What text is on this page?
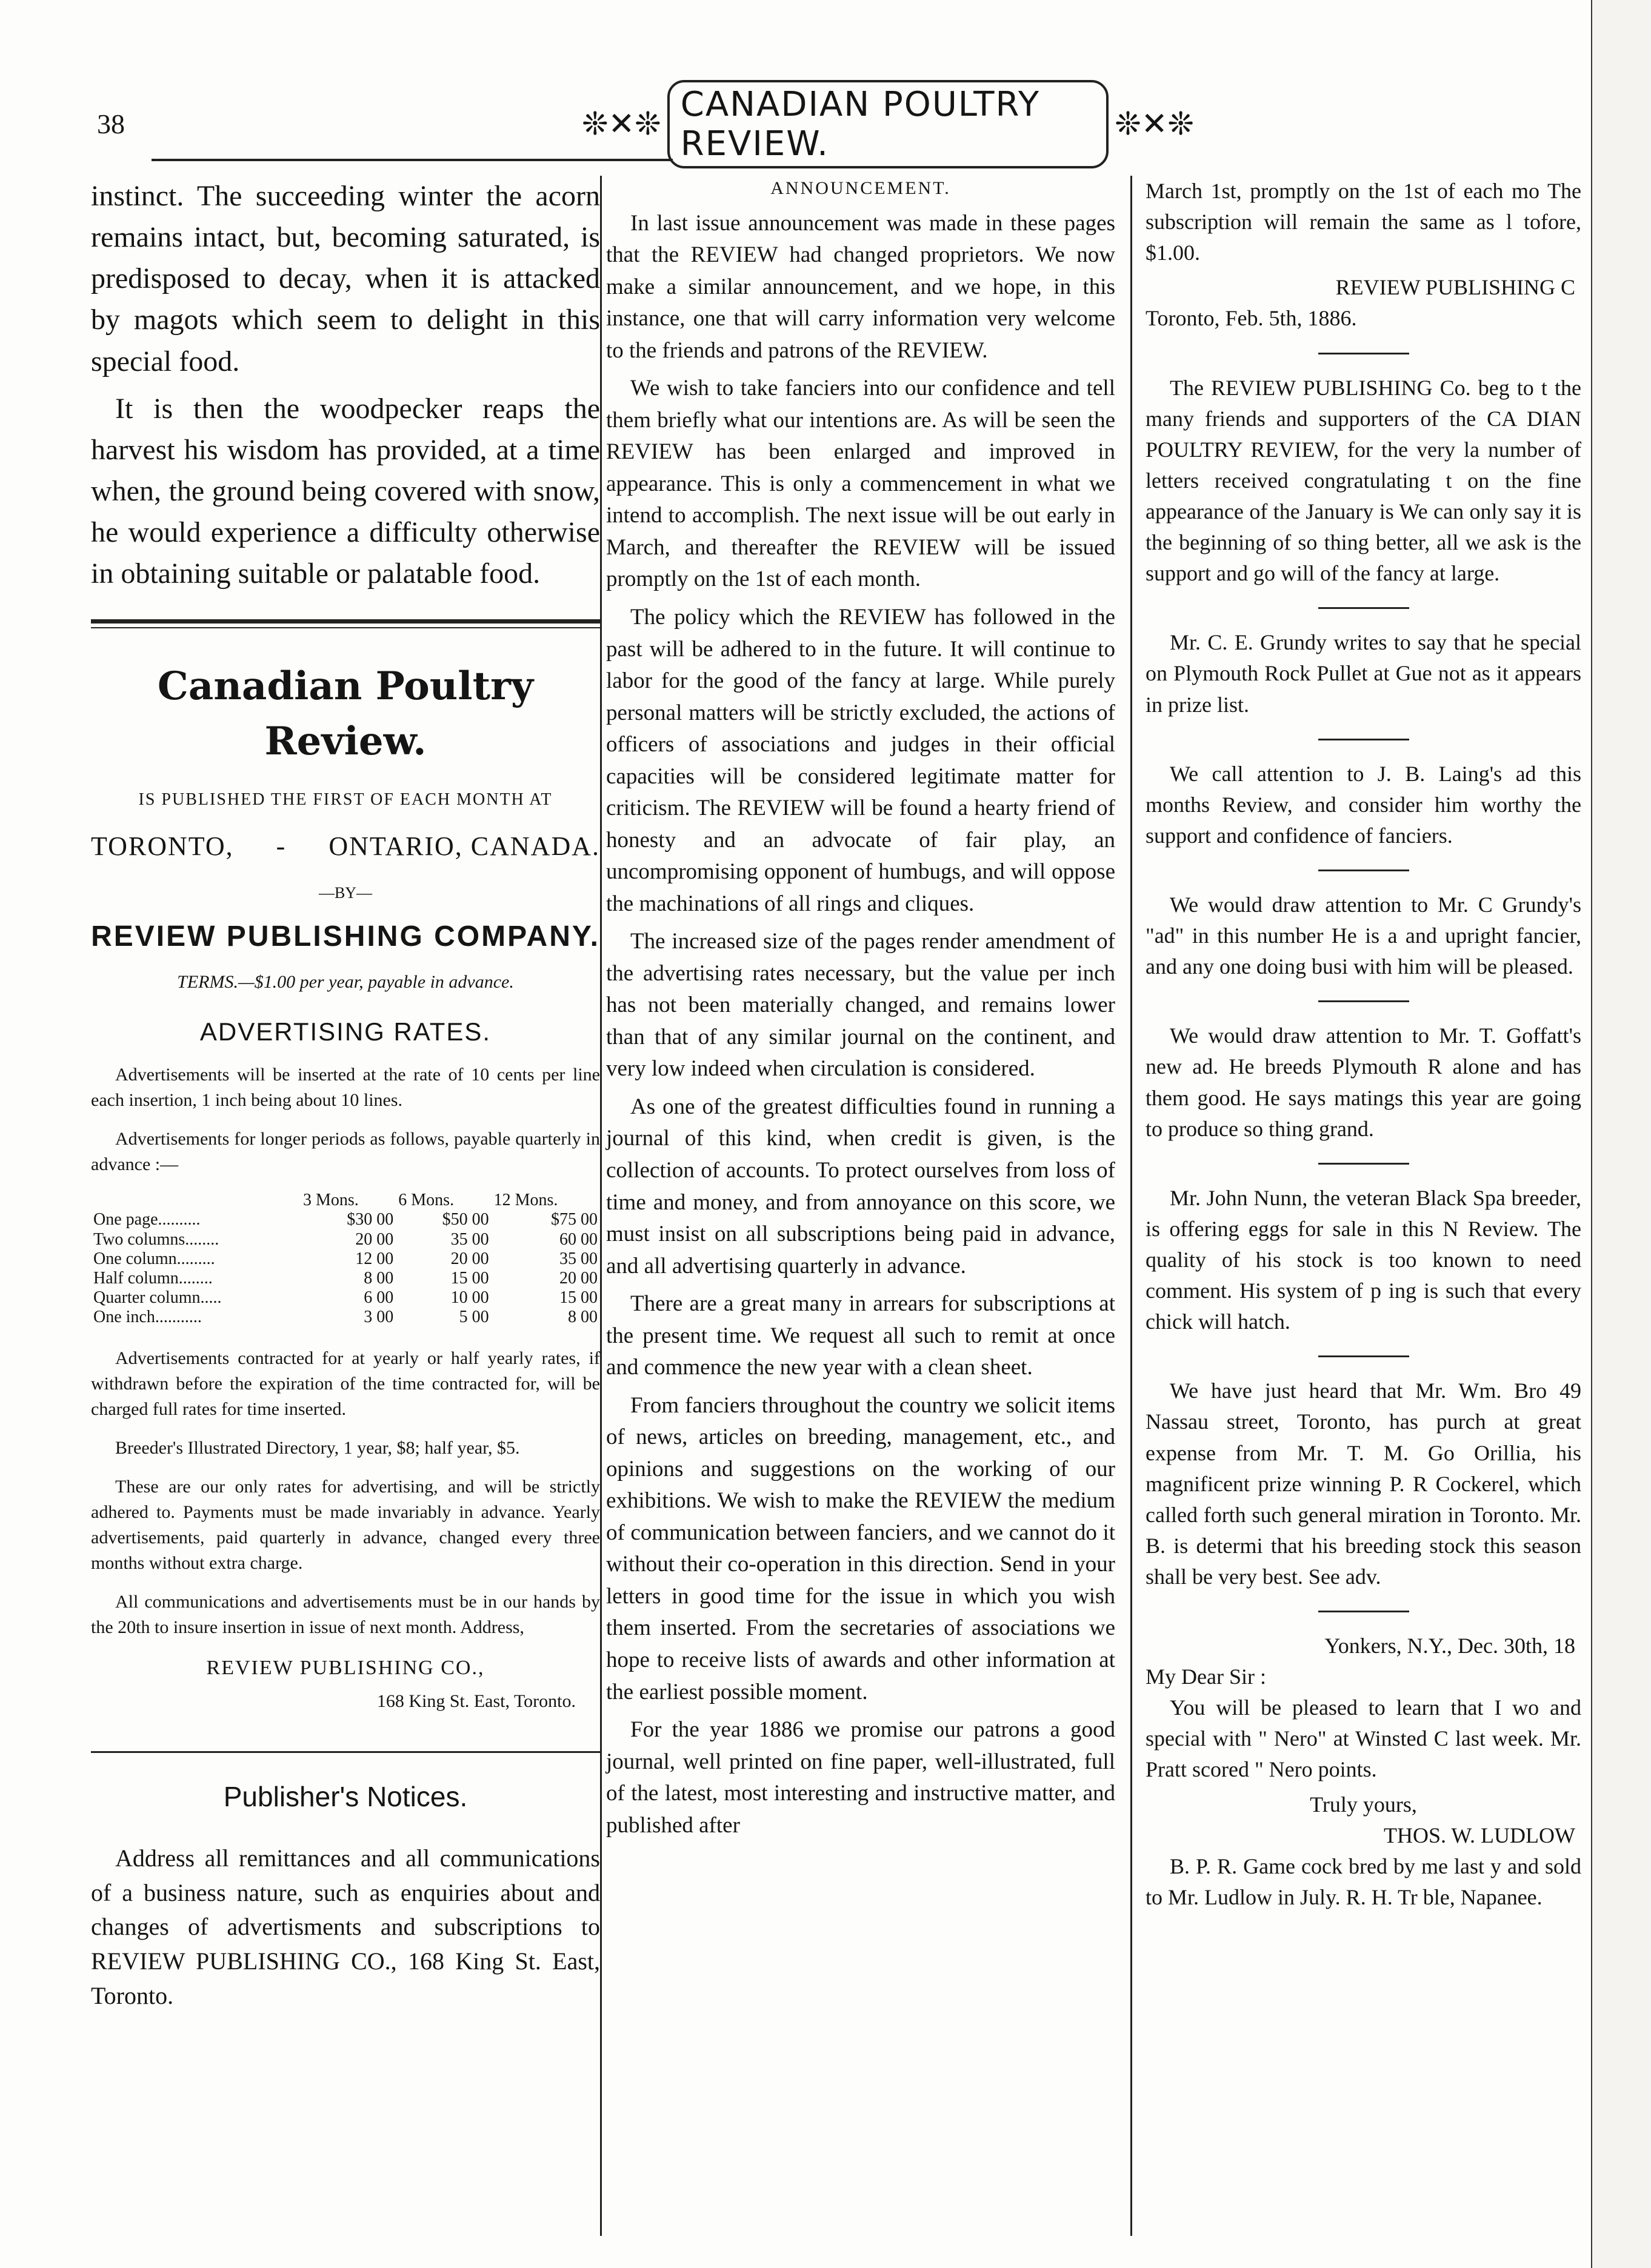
38	❊✕❊
CANADIAN POULTRY REVIEW.	❊✕❊

instinct. The succeeding winter the acorn remains intact, but, becoming saturated, is predisposed to decay, when it is attacked by magots which seem to delight in this special food.

It is then the woodpecker reaps the harvest his wisdom has provided, at a time when, the ground being covered with snow, he would experience a difficulty otherwise in obtaining suitable or palatable food.

Canadian Poultry Review.
IS PUBLISHED THE FIRST OF EACH MONTH AT
TORONTO, - ONTARIO, CANADA.
—BY—
REVIEW PUBLISHING COMPANY.
TERMS.—$1.00 per year, payable in advance.
ADVERTISING RATES.

Advertisements will be inserted at the rate of 10 cents per line each insertion, 1 inch being about 10 lines.

Advertisements for longer periods as follows, payable quarterly in advance :—

	3 Mons.	6 Mons.	12 Mons.
One page..........	$30 00	$50 00	$75 00
Two columns........	20 00	35 00	60 00
One column.........	12 00	20 00	35 00
Half column........	8 00	15 00	20 00
Quarter column.....	6 00	10 00	15 00
One inch...........	3 00	5 00	8 00

Advertisements contracted for at yearly or half yearly rates, if withdrawn before the expiration of the time contracted for, will be charged full rates for time inserted.

Breeder's Illustrated Directory, 1 year, $8; half year, $5.

These are our only rates for advertising, and will be strictly adhered to. Payments must be made invariably in advance. Yearly advertisements, paid quarterly in advance, changed every three months without extra charge.

All communications and advertisements must be in our hands by the 20th to insure insertion in issue of next month. Address,

REVIEW PUBLISHING CO.,
168 King St. East, Toronto.
Publisher's Notices.

Address all remittances and all communications of a business nature, such as enquiries about and changes of advertisments and subscriptions to REVIEW PUBLISHING CO., 168 King St. East, Toronto.

ANNOUNCEMENT.

In last issue announcement was made in these pages that the REVIEW had changed proprietors. We now make a similar announcement, and we hope, in this instance, one that will carry information very welcome to the friends and patrons of the REVIEW.

We wish to take fanciers into our confidence and tell them briefly what our intentions are. As will be seen the REVIEW has been enlarged and improved in appearance. This is only a commencement in what we intend to accomplish. The next issue will be out early in March, and thereafter the REVIEW will be issued promptly on the 1st of each month.

The policy which the REVIEW has followed in the past will be adhered to in the future. It will continue to labor for the good of the fancy at large. While purely personal matters will be strictly excluded, the actions of officers of associations and judges in their official capacities will be considered legitimate matter for criticism. The REVIEW will be found a hearty friend of honesty and an advocate of fair play, an uncompromising opponent of humbugs, and will oppose the machinations of all rings and cliques.

The increased size of the pages render amendment of the advertising rates necessary, but the value per inch has not been materially changed, and remains lower than that of any similar journal on the continent, and very low indeed when circulation is considered.

As one of the greatest difficulties found in running a journal of this kind, when credit is given, is the collection of accounts. To protect ourselves from loss of time and money, and from annoyance on this score, we must insist on all subscriptions being paid in advance, and all advertising quarterly in advance.

There are a great many in arrears for subscriptions at the present time. We request all such to remit at once and commence the new year with a clean sheet.

From fanciers throughout the country we solicit items of news, articles on breeding, management, etc., and opinions and suggestions on the working of our exhibitions. We wish to make the REVIEW the medium of communication between fanciers, and we cannot do it without their co-operation in this direction. Send in your letters in good time for the issue in which you wish them inserted. From the secretaries of associations we hope to receive lists of awards and other information at the earliest possible moment.

For the year 1886 we promise our patrons a good journal, well printed on fine paper, well-illustrated, full of the latest, most interesting and instructive matter, and published after

March 1st, promptly on the 1st of each mo The subscription will remain the same as l tofore, $1.00.

REVIEW PUBLISHING C
Toronto, Feb. 5th, 1886.

The REVIEW PUBLISHING Co. beg to t the many friends and supporters of the CA DIAN POULTRY REVIEW, for the very la number of letters received congratulating t on the fine appearance of the January is We can only say it is the beginning of so thing better, all we ask is the support and go will of the fancy at large.

Mr. C. E. Grundy writes to say that he special on Plymouth Rock Pullet at Gue not as it appears in prize list.

We call attention to J. B. Laing's ad this months Review, and consider him worthy the support and confidence of fanciers.

We would draw attention to Mr. C Grundy's "ad" in this number He is a and upright fancier, and any one doing busi with him will be pleased.

We would draw attention to Mr. T. Goffatt's new ad. He breeds Plymouth R alone and has them good. He says matings this year are going to produce so thing grand.

Mr. John Nunn, the veteran Black Spa breeder, is offering eggs for sale in this N Review. The quality of his stock is too known to need comment. His system of p ing is such that every chick will hatch.

We have just heard that Mr. Wm. Bro 49 Nassau street, Toronto, has purch at great expense from Mr. T. M. Go Orillia, his magnificent prize winning P. R Cockerel, which called forth such general miration in Toronto. Mr. B. is determi that his breeding stock this season shall be very best. See adv.

Yonkers, N.Y., Dec. 30th, 18
My Dear Sir :

You will be pleased to learn that I wo and special with " Nero" at Winsted C last week. Mr. Pratt scored " Nero points.

Truly yours,
THOS. W. LUDLOW

B. P. R. Game cock bred by me last y and sold to Mr. Ludlow in July. R. H. Tr ble, Napanee.
